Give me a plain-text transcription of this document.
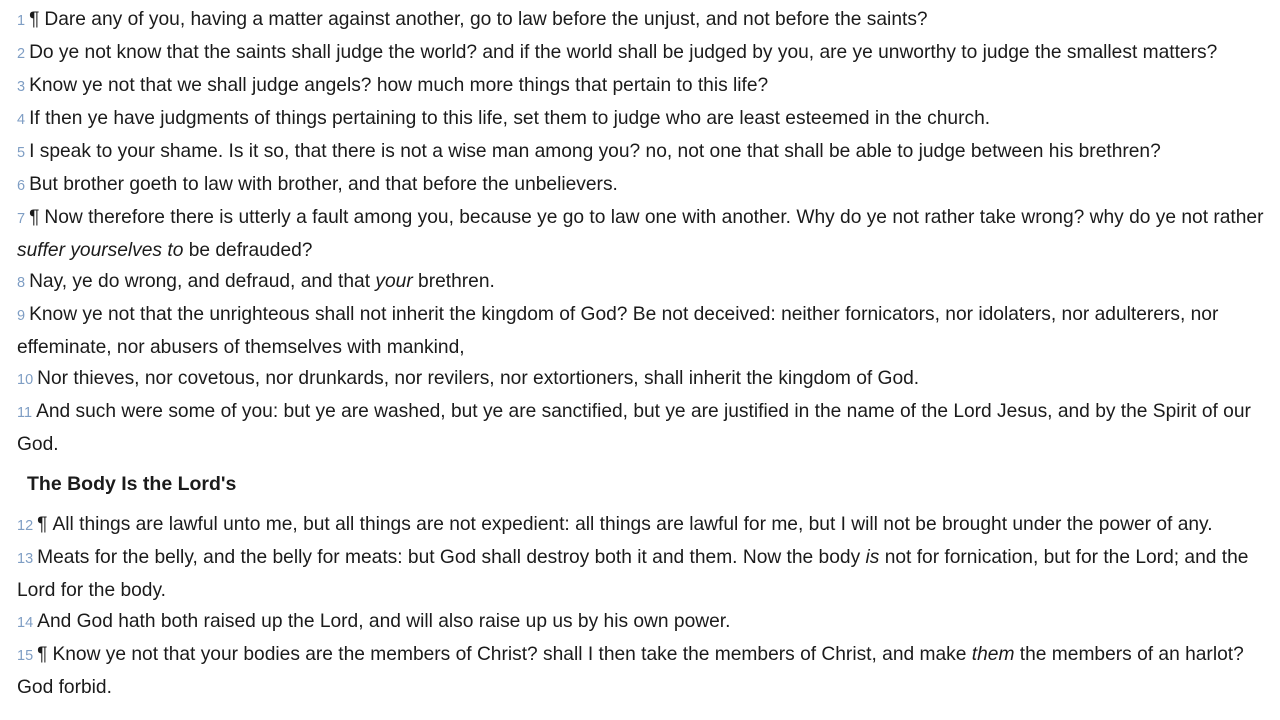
1 ¶ Dare any of you, having a matter against another, go to law before the unjust, and not before the saints?

2 Do ye not know that the saints shall judge the world? and if the world shall be judged by you, are ye unworthy to judge the smallest matters?

3 Know ye not that we shall judge angels? how much more things that pertain to this life?

4 If then ye have judgments of things pertaining to this life, set them to judge who are least esteemed in the church.

5 I speak to your shame. Is it so, that there is not a wise man among you? no, not one that shall be able to judge between his brethren?

6 But brother goeth to law with brother, and that before the unbelievers.

7 ¶ Now therefore there is utterly a fault among you, because ye go to law one with another. Why do ye not rather take wrong? why do ye not rather suffer yourselves to be defrauded?

8 Nay, ye do wrong, and defraud, and that your brethren.

9 Know ye not that the unrighteous shall not inherit the kingdom of God? Be not deceived: neither fornicators, nor idolaters, nor adulterers, nor effeminate, nor abusers of themselves with mankind,

10 Nor thieves, nor covetous, nor drunkards, nor revilers, nor extortioners, shall inherit the kingdom of God.

11 And such were some of you: but ye are washed, but ye are sanctified, but ye are justified in the name of the Lord Jesus, and by the Spirit of our God.

The Body Is the Lord's

12 ¶ All things are lawful unto me, but all things are not expedient: all things are lawful for me, but I will not be brought under the power of any.

13 Meats for the belly, and the belly for meats: but God shall destroy both it and them. Now the body is not for fornication, but for the Lord; and the Lord for the body.

14 And God hath both raised up the Lord, and will also raise up us by his own power.

15 ¶ Know ye not that your bodies are the members of Christ? shall I then take the members of Christ, and make them the members of an harlot? God forbid.
